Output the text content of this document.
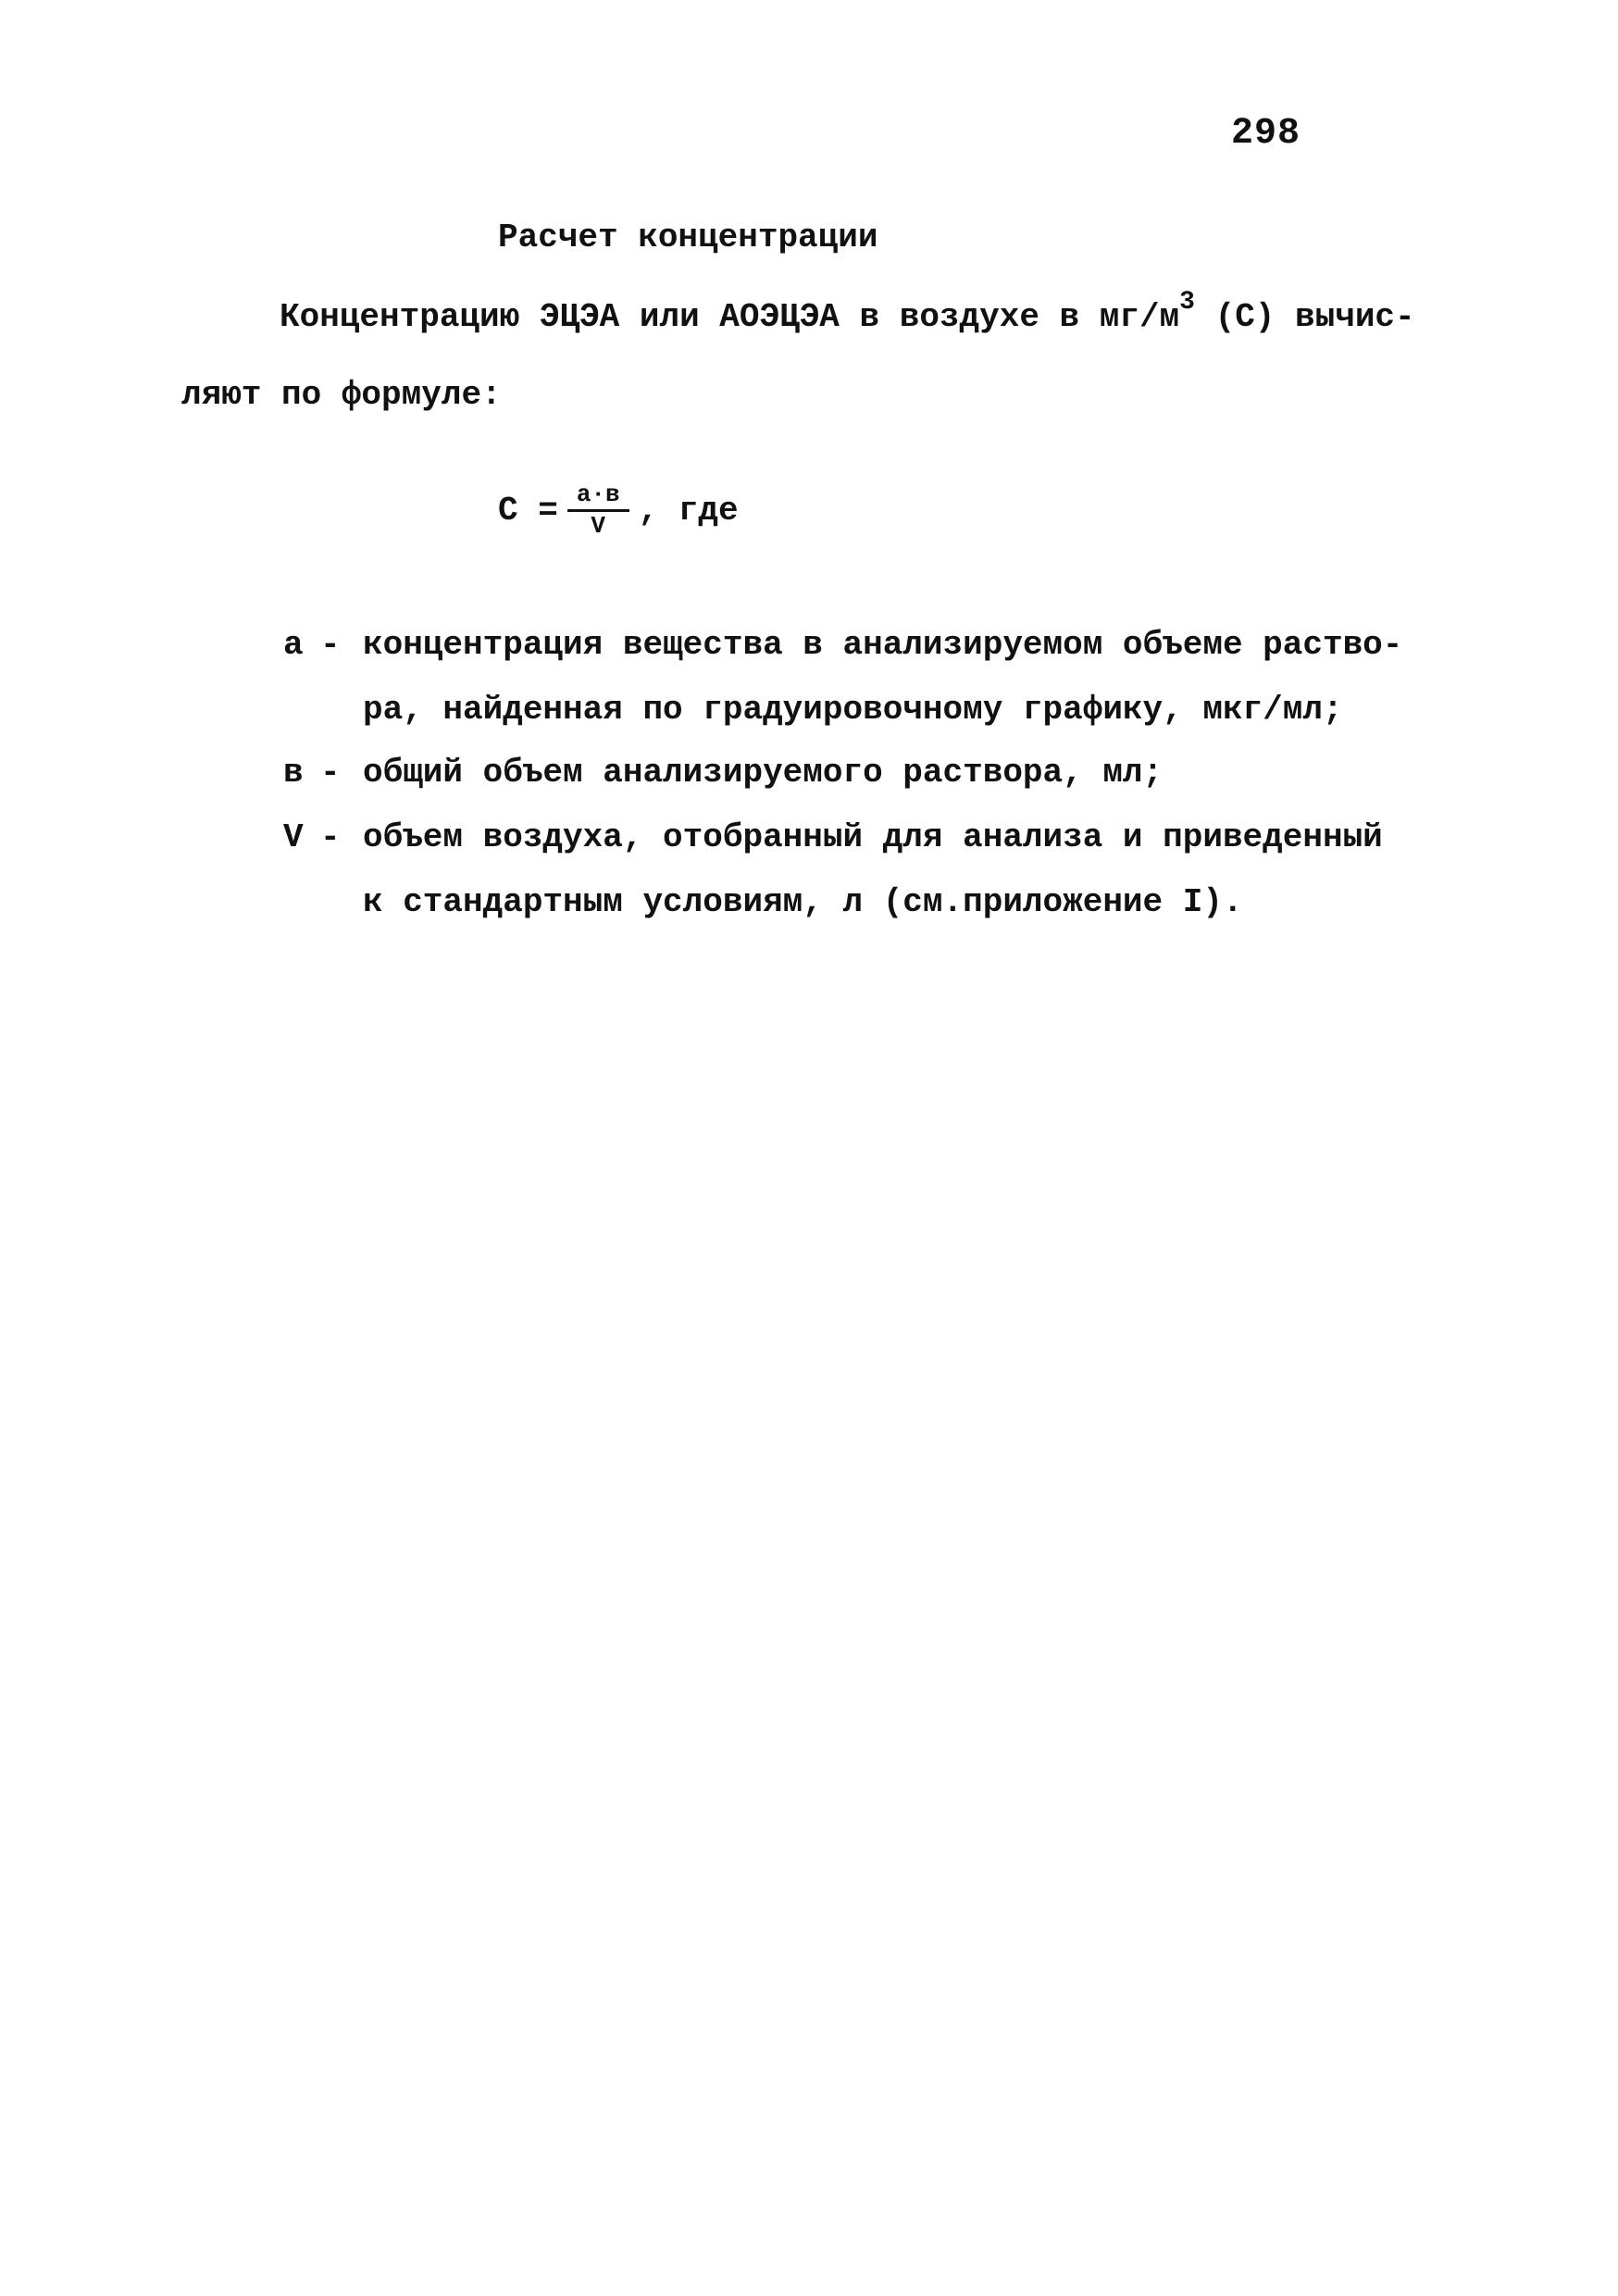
298
Расчет концентрации
Концентрацию ЭЦЭА или АОЭЦЭА в воздухе в $мг/м^3$ (С) вычис-
ляют по формуле:
$С = \frac{а\cdot в}{V}$ , где
а - концентрация вещества в анализируемом объеме раство-
ра, найденная по градуировочному графику, мкг/мл;
в - общий объем анализируемого раствора, мл;
V - объем воздуха, отобранный для анализа и приведенный
к стандартным условиям, л (см.приложение I).
